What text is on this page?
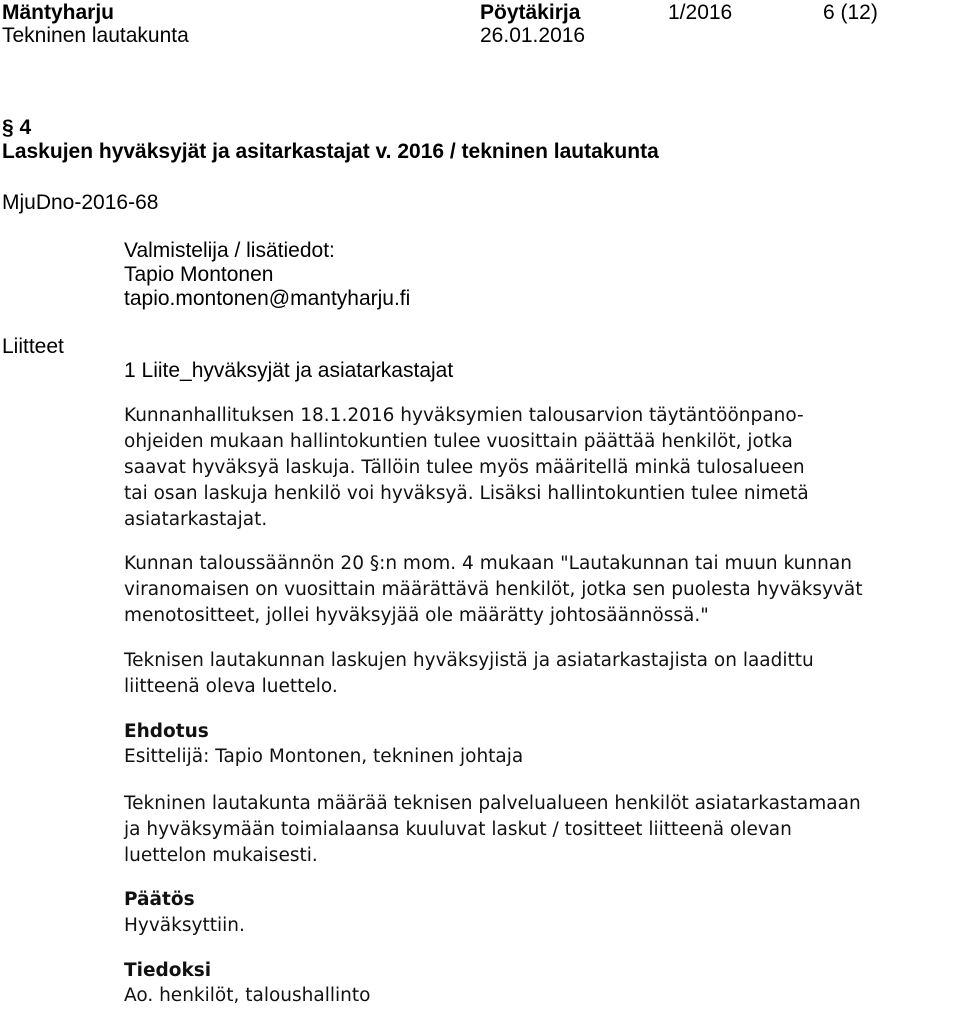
Mäntyharju	Pöytäkirja	1/2016	6 (12)
Tekninen lautakunta	26.01.2016
§ 4
Laskujen hyväksyjät ja asitarkastajat v. 2016 / tekninen lautakunta
MjuDno-2016-68
Valmistelija / lisätiedot:
Tapio Montonen
tapio.montonen@mantyharju.fi
Liitteet
1 Liite_hyväksyjät ja asiatarkastajat
Kunnanhallituksen 18.1.2016 hyväksymien talousarvion täytäntöönpano-
ohjeiden mukaan hallintokuntien tulee vuosittain päättää henkilöt, jotka
saavat hyväksyä laskuja. Tällöin tulee myös määritellä minkä tulosalueen
tai osan laskuja henkilö voi hyväksyä. Lisäksi hallintokuntien tulee nimetä
asiatarkastajat.
Kunnan taloussäännön 20 §:n mom. 4 mukaan "Lautakunnan tai muun kunnan
viranomaisen on vuosittain määrättävä henkilöt, jotka sen puolesta hyväksyvät
menotositteet, jollei hyväksyjää ole määrätty johtosäännössä."
Teknisen lautakunnan laskujen hyväksyjistä ja asiatarkastajista on laadittu
liitteenä oleva luettelo.
Ehdotus
Esittelijä: Tapio Montonen, tekninen johtaja
Tekninen lautakunta määrää teknisen palvelualueen henkilöt asiatarkastamaan
ja hyväksymään toimialaansa kuuluvat laskut / tositteet liitteenä olevan
luettelon mukaisesti.
Päätös
Hyväksyttiin.
Tiedoksi
Ao. henkilöt, taloushallinto
